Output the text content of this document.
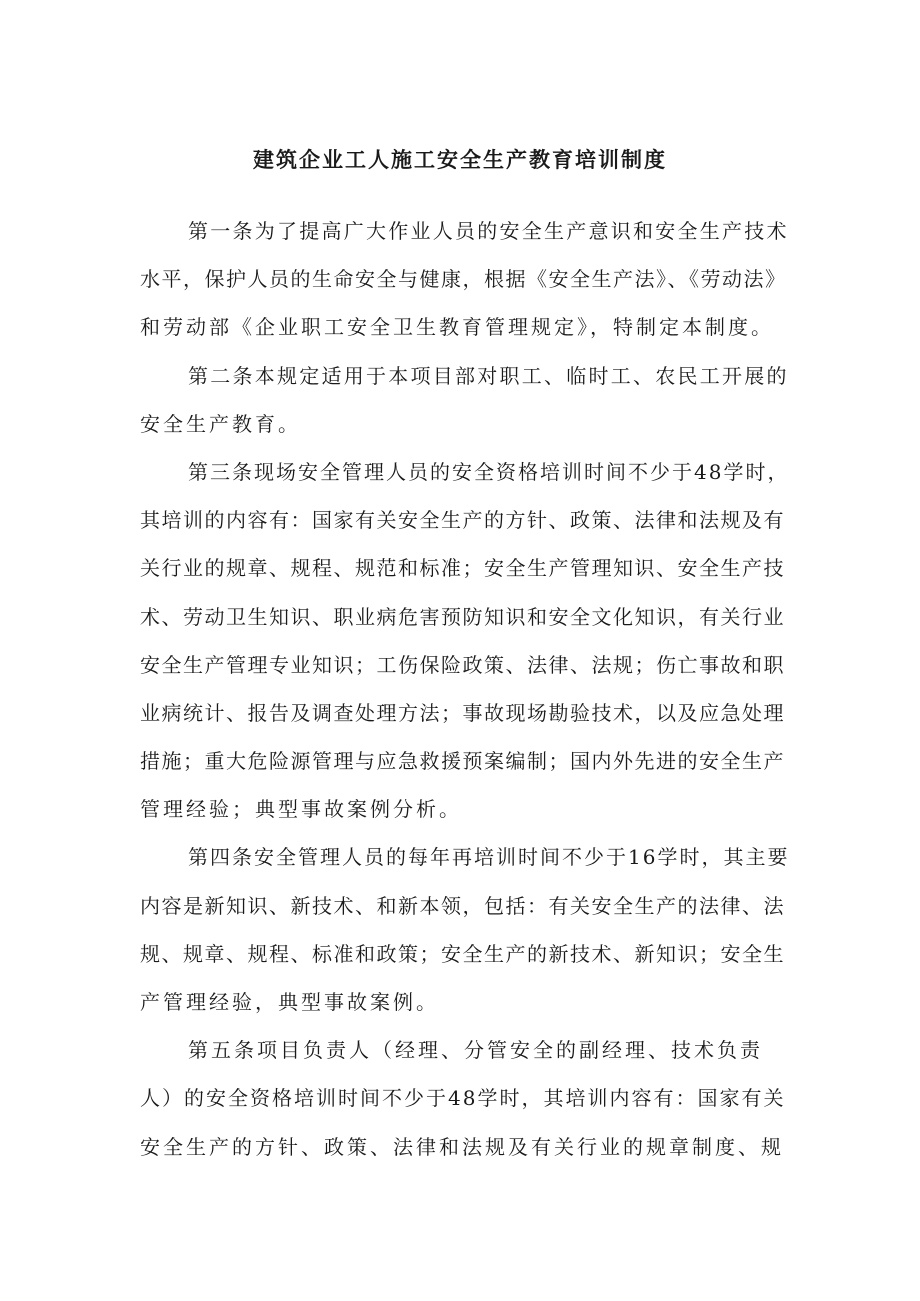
建筑企业工人施工安全生产教育培训制度

第一条为了提高广大作业人员的安全生产意识和安全生产技术
水平，保护人员的生命安全与健康，根据《安全生产法》、《劳动法》
和劳动部《企业职工安全卫生教育管理规定》，特制定本制度。

第二条本规定适用于本项目部对职工、临时工、农民工开展的
安全生产教育。

第三条现场安全管理人员的安全资格培训时间不少于48学时，
其培训的内容有：国家有关安全生产的方针、政策、法律和法规及有
关行业的规章、规程、规范和标准；安全生产管理知识、安全生产技
术、劳动卫生知识、职业病危害预防知识和安全文化知识，有关行业
安全生产管理专业知识；工伤保险政策、法律、法规；伤亡事故和职
业病统计、报告及调查处理方法；事故现场勘验技术，以及应急处理
措施；重大危险源管理与应急救援预案编制；国内外先进的安全生产
管理经验；典型事故案例分析。

第四条安全管理人员的每年再培训时间不少于16学时，其主要
内容是新知识、新技术、和新本领，包括：有关安全生产的法律、法
规、规章、规程、标准和政策；安全生产的新技术、新知识；安全生
产管理经验，典型事故案例。

第五条项目负责人（经理、分管安全的副经理、技术负责
人）的安全资格培训时间不少于48学时，其培训内容有：国家有关
安全生产的方针、政策、法律和法规及有关行业的规章制度、规
